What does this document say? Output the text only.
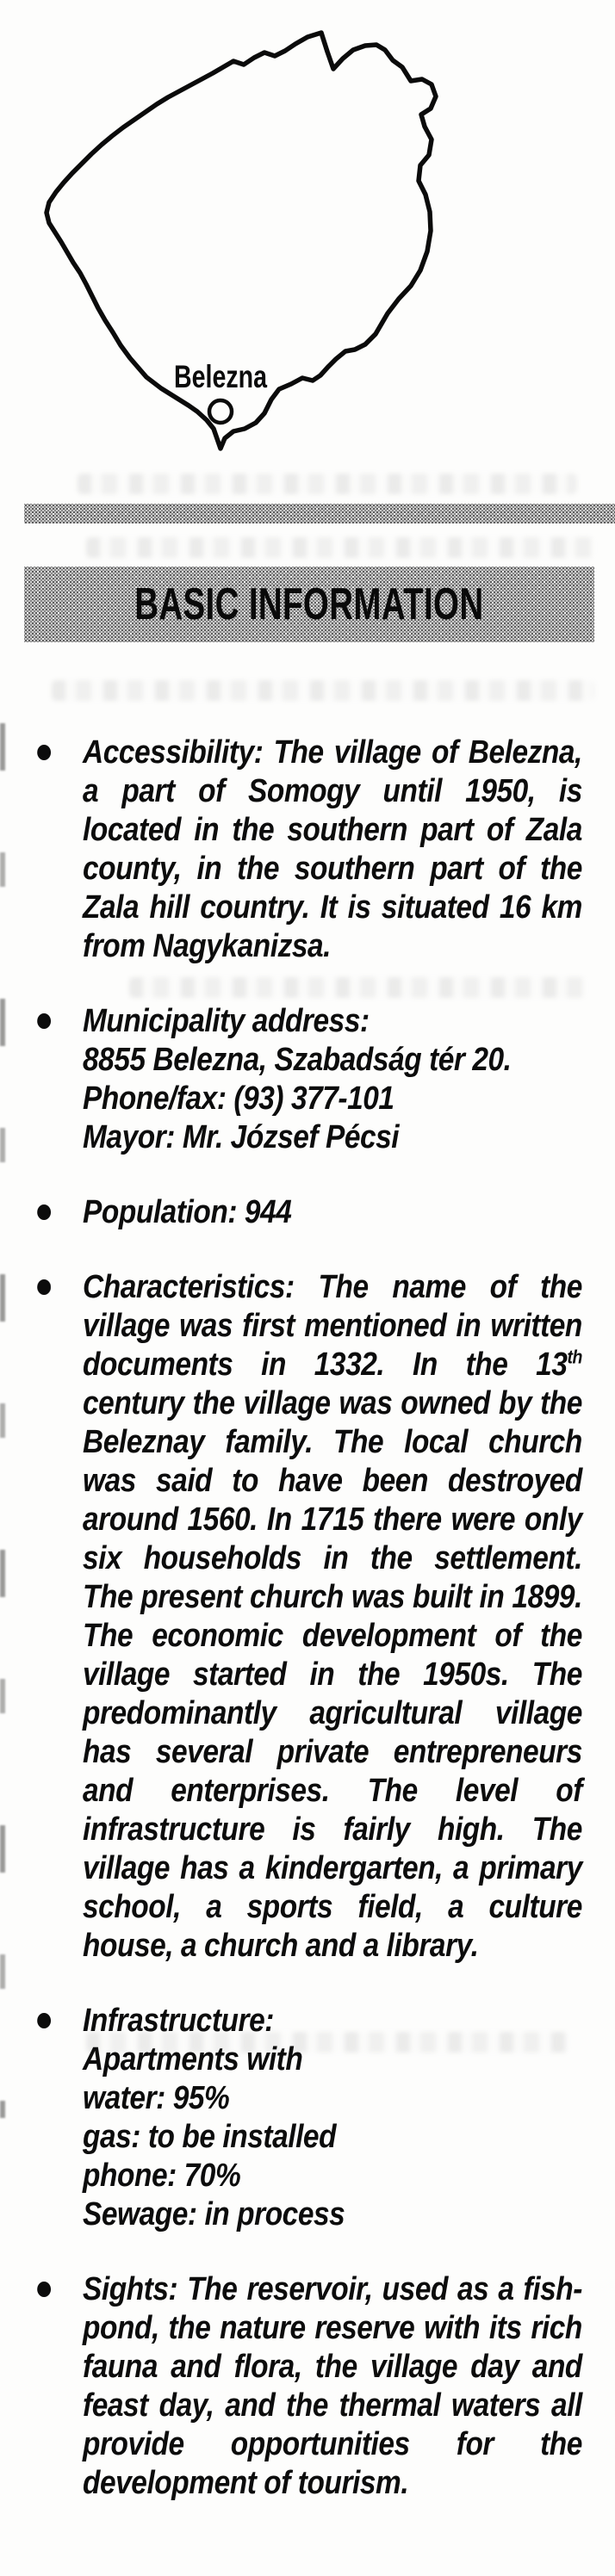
Belezna
BASIC INFORMATION
Accessibility: The village of Belezna, a part of Somogy until 1950, is located in the southern part of Zala county, in the southern part of the Zala hill country. It is situated 16 km from Nagykanizsa.
Municipality address:
8855 Belezna, Szabadság tér 20.
Phone/fax: (93) 377-101
Mayor: Mr. József Pécsi
Population: 944
Characteristics: The name of the village was first mentioned in written documents in 1332. In the 13th century the village was owned by the Beleznay family. The local church was said to have been destroyed around 1560. In 1715 there were only six households in the settlement. The present church was built in 1899. The economic development of the village started in the 1950s. The predominantly agricultural village has several private entrepreneurs and enterprises. The level of infrastructure is fairly high. The village has a kindergarten, a primary school, a sports field, a culture house, a church and a library.
Infrastructure:
Apartments with
water: 95%
gas: to be installed
phone: 70%
Sewage: in process
Sights: The reservoir, used as a fish-pond, the nature reserve with its rich fauna and flora, the village day and feast day, and the thermal waters all provide opportunities for the development of tourism.
